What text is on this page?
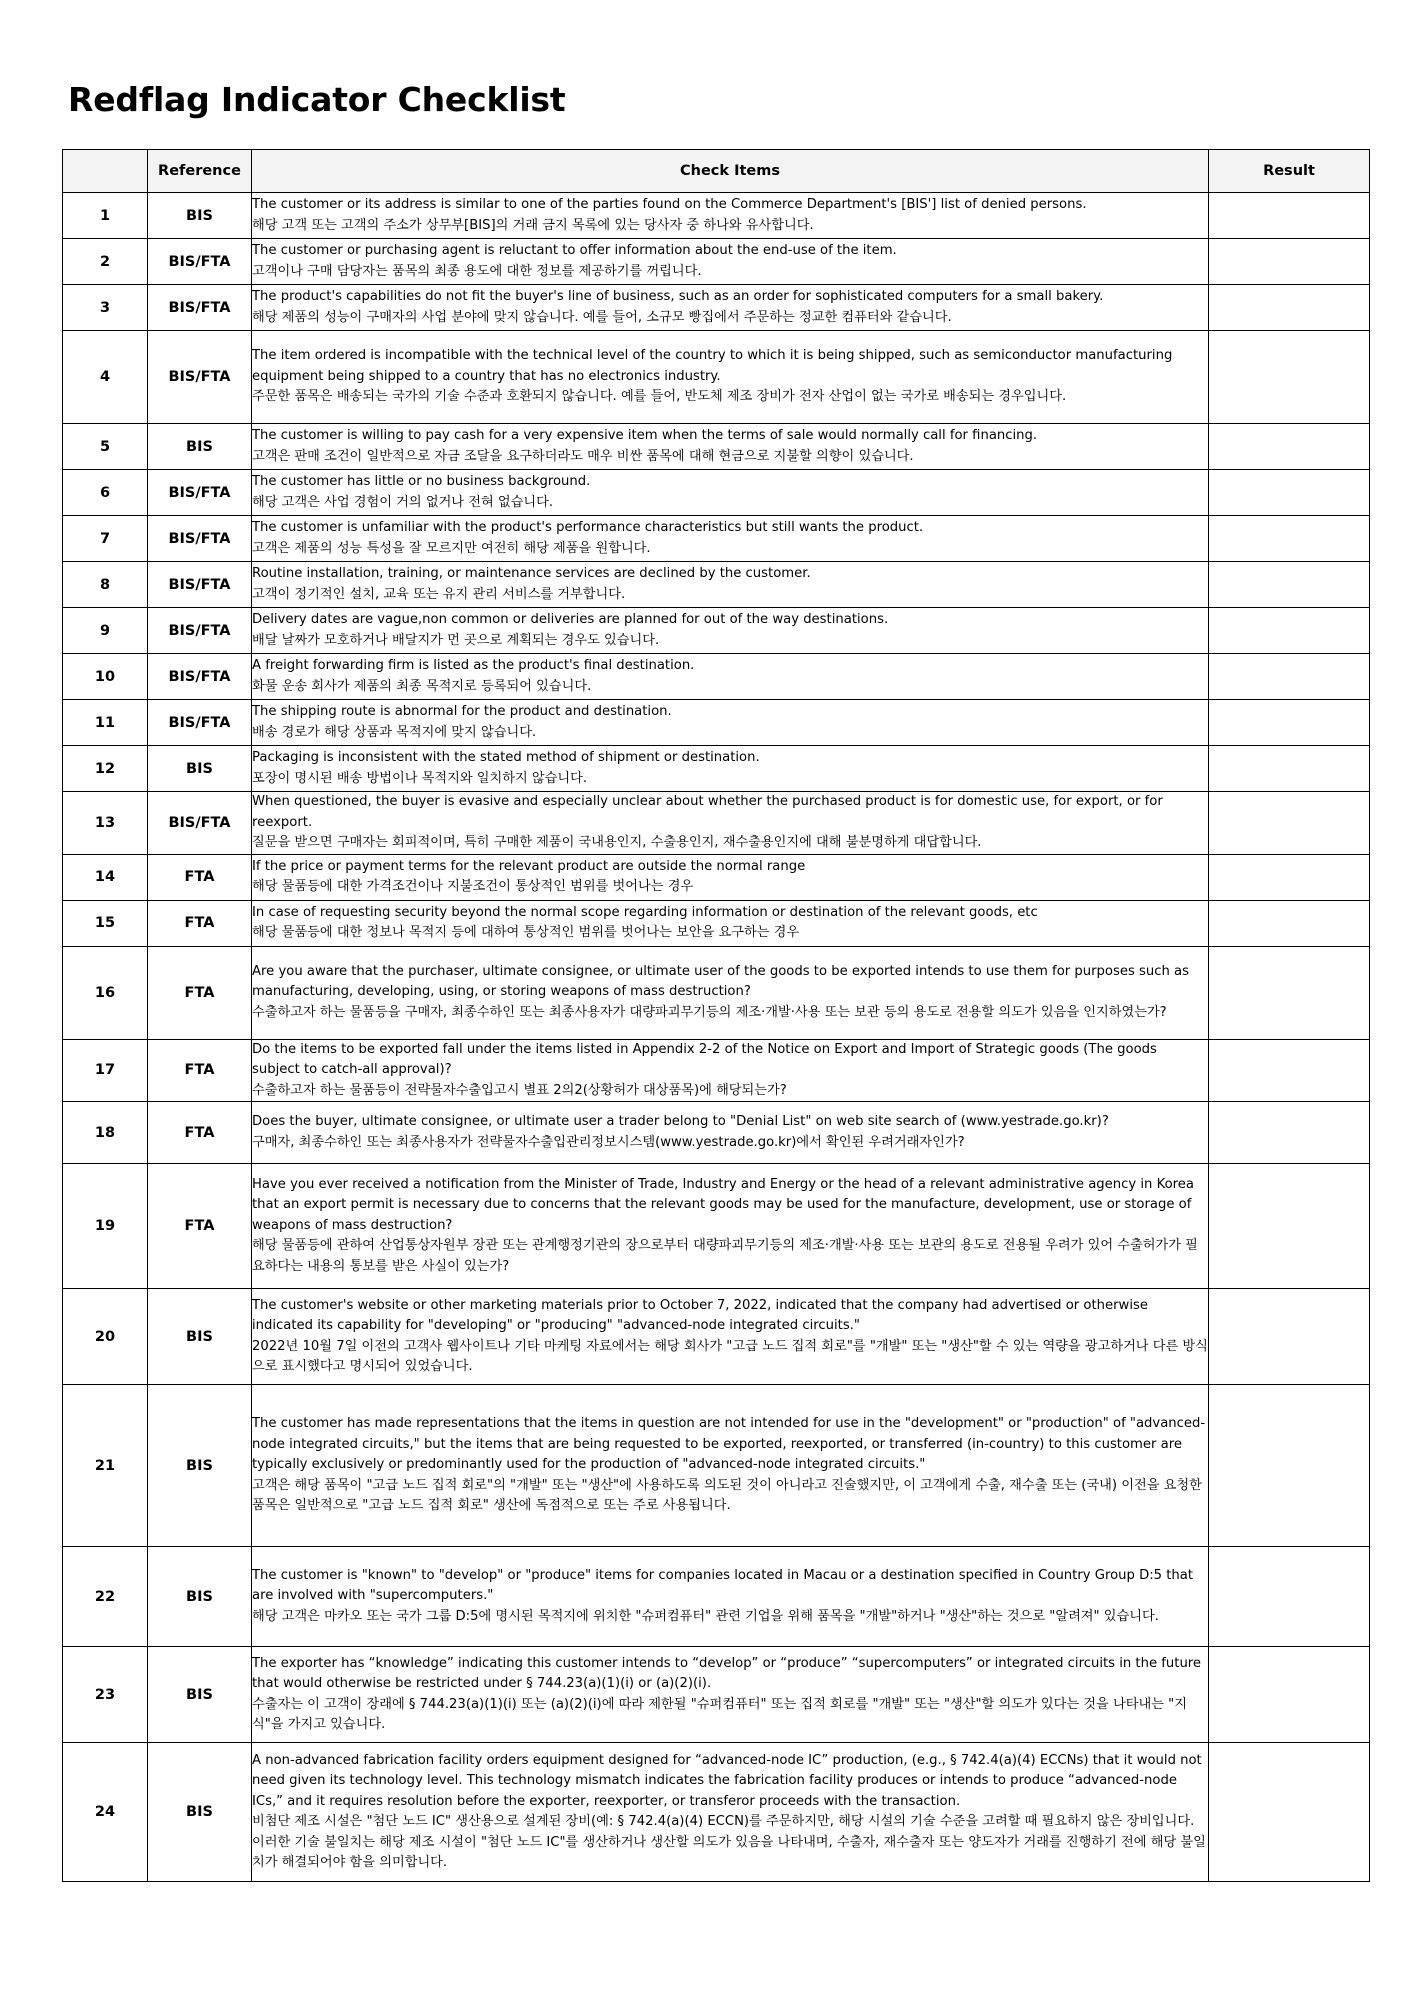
Redflag Indicator Checklist
	Reference	Check Items	Result
1	BIS	The customer or its address is similar to one of the parties found on the Commerce Department's [BIS'] list of denied persons.
해당 고객 또는 고객의 주소가 상무부[BIS]의 거래 금지 목록에 있는 당사자 중 하나와 유사합니다.	

2	BIS/FTA	The customer or purchasing agent is reluctant to offer information about the end-use of the item.
고객이나 구매 담당자는 품목의 최종 용도에 대한 정보를 제공하기를 꺼립니다.	

3	BIS/FTA	The product's capabilities do not fit the buyer's line of business, such as an order for sophisticated computers for a small bakery.
해당 제품의 성능이 구매자의 사업 분야에 맞지 않습니다. 예를 들어, 소규모 빵집에서 주문하는 정교한 컴퓨터와 같습니다.	

4	BIS/FTA	The item ordered is incompatible with the technical level of the country to which it is being shipped, such as semiconductor manufacturing equipment being shipped to a country that has no electronics industry.
주문한 품목은 배송되는 국가의 기술 수준과 호환되지 않습니다. 예를 들어, 반도체 제조 장비가 전자 산업이 없는 국가로 배송되는 경우입니다.	

5	BIS	The customer is willing to pay cash for a very expensive item when the terms of sale would normally call for financing.
고객은 판매 조건이 일반적으로 자금 조달을 요구하더라도 매우 비싼 품목에 대해 현금으로 지불할 의향이 있습니다.	

6	BIS/FTA	The customer has little or no business background.
해당 고객은 사업 경험이 거의 없거나 전혀 없습니다.	

7	BIS/FTA	The customer is unfamiliar with the product's performance characteristics but still wants the product.
고객은 제품의 성능 특성을 잘 모르지만 여전히 해당 제품을 원합니다.	

8	BIS/FTA	Routine installation, training, or maintenance services are declined by the customer.
고객이 정기적인 설치, 교육 또는 유지 관리 서비스를 거부합니다.	

9	BIS/FTA	Delivery dates are vague,non common or deliveries are planned for out of the way destinations.
배달 날짜가 모호하거나 배달지가 먼 곳으로 계획되는 경우도 있습니다.	

10	BIS/FTA	A freight forwarding firm is listed as the product's final destination.
화물 운송 회사가 제품의 최종 목적지로 등록되어 있습니다.	

11	BIS/FTA	The shipping route is abnormal for the product and destination.
배송 경로가 해당 상품과 목적지에 맞지 않습니다.	

12	BIS	Packaging is inconsistent with the stated method of shipment or destination.
포장이 명시된 배송 방법이나 목적지와 일치하지 않습니다.	

13	BIS/FTA	When questioned, the buyer is evasive and especially unclear about whether the purchased product is for domestic use, for export, or for reexport.
질문을 받으면 구매자는 회피적이며, 특히 구매한 제품이 국내용인지, 수출용인지, 재수출용인지에 대해 불분명하게 대답합니다.	

14	FTA	If the price or payment terms for the relevant product are outside the normal range
해당 물품등에 대한 가격조건이나 지불조건이 통상적인 범위를 벗어나는 경우	

15	FTA	In case of requesting security beyond the normal scope regarding information or destination of the relevant goods, etc
해당 물품등에 대한 정보나 목적지 등에 대하여 통상적인 범위를 벗어나는 보안을 요구하는 경우	

16	FTA	Are you aware that the purchaser, ultimate consignee, or ultimate user of the goods to be exported intends to use them for purposes such as manufacturing, developing, using, or storing weapons of mass destruction?
수출하고자 하는 물품등을 구매자, 최종수하인 또는 최종사용자가 대량파괴무기등의 제조·개발·사용 또는 보관 등의 용도로 전용할 의도가 있음을 인지하였는가?	

17	FTA	Do the items to be exported fall under the items listed in Appendix 2-2 of the Notice on Export and Import of Strategic goods (The goods subject to catch-all approval)?
수출하고자 하는 물품등이 전략물자수출입고시 별표 2의2(상황허가 대상품목)에 해당되는가?	

18	FTA	Does the buyer, ultimate consignee, or ultimate user a trader belong to "Denial List" on web site search of (www.yestrade.go.kr)?
구매자, 최종수하인 또는 최종사용자가 전략물자수출입관리정보시스템(www.yestrade.go.kr)에서 확인된 우려거래자인가?	

19	FTA	Have you ever received a notification from the Minister of Trade, Industry and Energy or the head of a relevant administrative agency in Korea that an export permit is necessary due to concerns that the relevant goods may be used for the manufacture, development, use or storage of weapons of mass destruction?
해당 물품등에 관하여 산업통상자원부 장관 또는 관계행정기관의 장으로부터 대량파괴무기등의 제조·개발·사용 또는 보관의 용도로 전용될 우려가 있어 수출허가가 필요하다는 내용의 통보를 받은 사실이 있는가?	

20	BIS	The customer's website or other marketing materials prior to October 7, 2022, indicated that the company had advertised or otherwise indicated its capability for "developing" or "producing" "advanced-node integrated circuits."
2022년 10월 7일 이전의 고객사 웹사이트나 기타 마케팅 자료에서는 해당 회사가 "고급 노드 집적 회로"를 "개발" 또는 "생산"할 수 있는 역량을 광고하거나 다른 방식으로 표시했다고 명시되어 있었습니다.	

21	BIS	The customer has made representations that the items in question are not intended for use in the "development" or "production" of "advanced-node integrated circuits," but the items that are being requested to be exported, reexported, or transferred (in-country) to this customer are typically exclusively or predominantly used for the production of "advanced-node integrated circuits."
고객은 해당 품목이 "고급 노드 집적 회로"의 "개발" 또는 "생산"에 사용하도록 의도된 것이 아니라고 진술했지만, 이 고객에게 수출, 재수출 또는 (국내) 이전을 요청한 품목은 일반적으로 "고급 노드 집적 회로" 생산에 독점적으로 또는 주로 사용됩니다.	

22	BIS	The customer is "known" to "develop" or "produce" items for companies located in Macau or a destination specified in Country Group D:5 that are involved with "supercomputers."
해당 고객은 마카오 또는 국가 그룹 D:5에 명시된 목적지에 위치한 "슈퍼컴퓨터" 관련 기업을 위해 품목을 "개발"하거나 "생산"하는 것으로 "알려져" 있습니다.	

23	BIS	The exporter has “knowledge” indicating this customer intends to “develop” or “produce” “supercomputers” or integrated circuits in the future that would otherwise be restricted under § 744.23(a)(1)(i) or (a)(2)(i).
수출자는 이 고객이 장래에 § 744.23(a)(1)(i) 또는 (a)(2)(i)에 따라 제한될 "슈퍼컴퓨터" 또는 집적 회로를 "개발" 또는 "생산"할 의도가 있다는 것을 나타내는 "지식"을 가지고 있습니다.	

24	BIS	A non-advanced fabrication facility orders equipment designed for “advanced-node IC” production, (e.g., § 742.4(a)(4) ECCNs) that it would not need given its technology level. This technology mismatch indicates the fabrication facility produces or intends to produce “advanced-node ICs,” and it requires resolution before the exporter, reexporter, or transferor proceeds with the transaction.
비첨단 제조 시설은 "첨단 노드 IC" 생산용으로 설계된 장비(예: § 742.4(a)(4) ECCN)를 주문하지만, 해당 시설의 기술 수준을 고려할 때 필요하지 않은 장비입니다. 이러한 기술 불일치는 해당 제조 시설이 "첨단 노드 IC"를 생산하거나 생산할 의도가 있음을 나타내며, 수출자, 재수출자 또는 양도자가 거래를 진행하기 전에 해당 불일치가 해결되어야 함을 의미합니다.	
